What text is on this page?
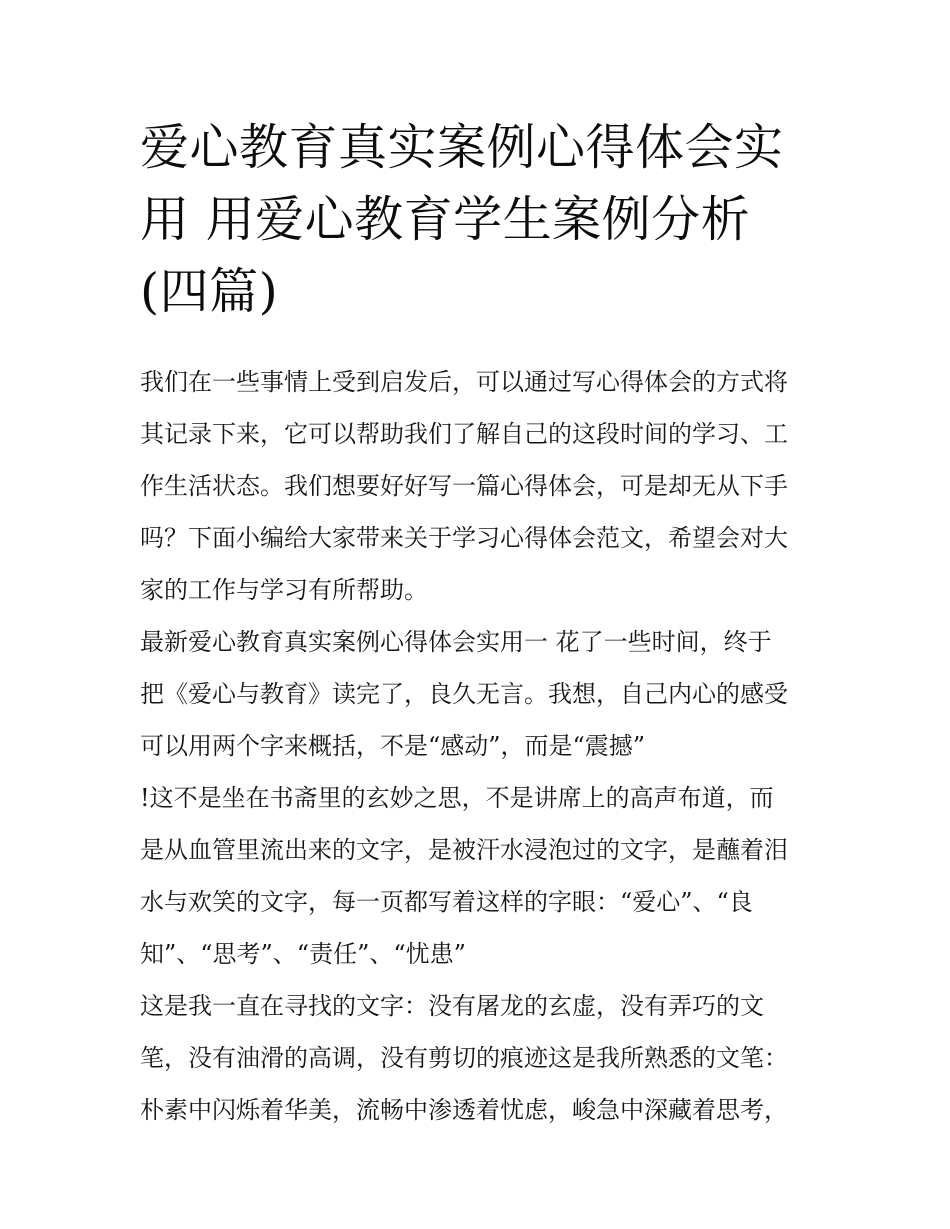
爱心教育真实案例心得体会实
用 用爱心教育学生案例分析
(四篇)
我们在一些事情上受到启发后，可以通过写心得体会的方式将
其记录下来，它可以帮助我们了解自己的这段时间的学习、工
作生活状态。我们想要好好写一篇心得体会，可是却无从下手
吗？下面小编给大家带来关于学习心得体会范文，希望会对大
家的工作与学习有所帮助。
最新爱心教育真实案例心得体会实用一 花了一些时间，终于
把《爱心与教育》读完了，良久无言。我想，自己内心的感受
可以用两个字来概括，不是“感动”，而是“震撼”
!这不是坐在书斋里的玄妙之思，不是讲席上的高声布道，而
是从血管里流出来的文字，是被汗水浸泡过的文字，是蘸着泪
水与欢笑的文字，每一页都写着这样的字眼：“爱心”、“良
知”、“思考”、“责任”、“忧患”
这是我一直在寻找的文字：没有屠龙的玄虚，没有弄巧的文
笔，没有油滑的高调，没有剪切的痕迹这是我所熟悉的文笔：
朴素中闪烁着华美，流畅中渗透着忧虑，峻急中深藏着思考，
